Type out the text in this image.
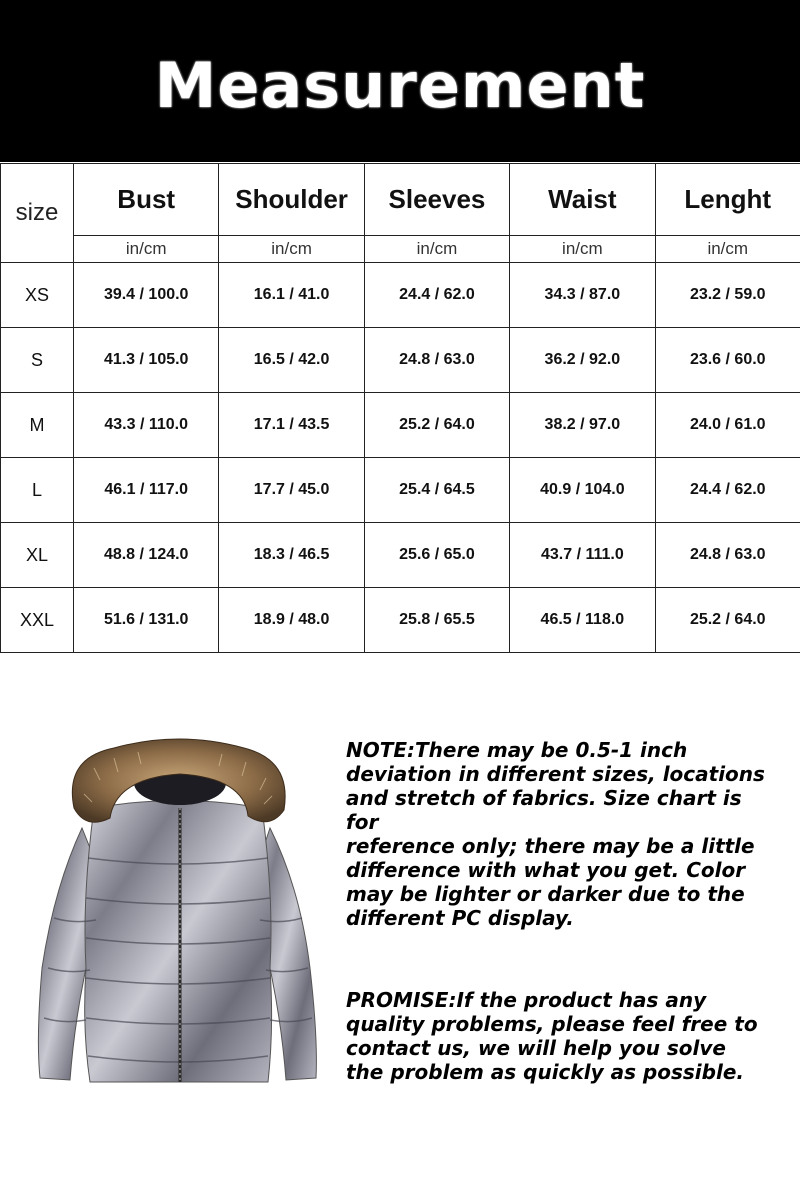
Measurement
size	Bust	Shoulder	Sleeves	Waist	Lenght
	in/cm	in/cm	in/cm	in/cm	in/cm
XS	39.4 / 100.0	16.1 / 41.0	24.4 / 62.0	34.3 / 87.0	23.2 / 59.0
S	41.3 / 105.0	16.5 / 42.0	24.8 / 63.0	36.2 / 92.0	23.6 / 60.0
M	43.3 / 110.0	17.1 / 43.5	25.2 / 64.0	38.2 / 97.0	24.0 / 61.0
L	46.1 / 117.0	17.7 / 45.0	25.4 / 64.5	40.9 / 104.0	24.4 / 62.0
XL	48.8 / 124.0	18.3 / 46.5	25.6 / 65.0	43.7 / 111.0	24.8 / 63.0
XXL	51.6 / 131.0	18.9 / 48.0	25.8 / 65.5	46.5 / 118.0	25.2 / 64.0
NOTE:There may be 0.5-1 inch
deviation in different sizes, locations
and stretch of fabrics. Size chart is for
reference only; there may be a little
difference with what you get. Color
may be lighter or darker due to the
different PC display.
PROMISE:If the product has any
quality problems, please feel free to
contact us, we will help you solve
the problem as quickly as possible.
